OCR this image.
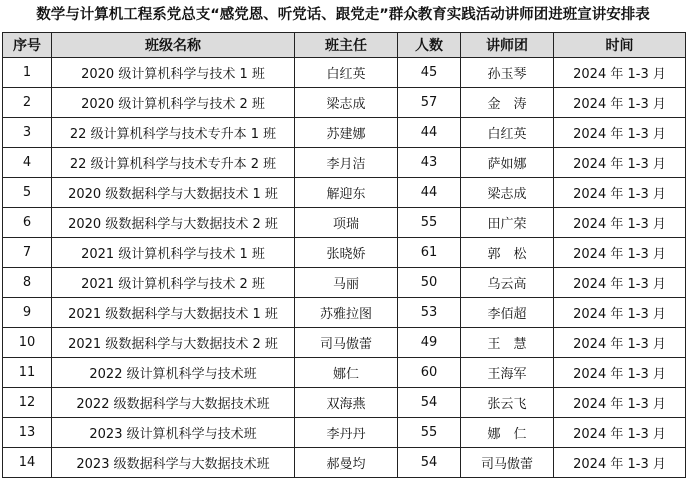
数学与计算机工程系党总支“感党恩、听党话、跟党走”群众教育实践活动讲师团进班宣讲安排表
序号	班级名称	班主任	人数	讲师团	时间
1	2020 级计算机科学与技术 1 班	白红英	45	孙玉琴	2024 年 1-3 月
2	2020 级计算机科学与技术 2 班	梁志成	57	金　涛	2024 年 1-3 月
3	22 级计算机科学与技术专升本 1 班	苏建娜	44	白红英	2024 年 1-3 月
4	22 级计算机科学与技术专升本 2 班	李月洁	43	萨如娜	2024 年 1-3 月
5	2020 级数据科学与大数据技术 1 班	解迎东	44	梁志成	2024 年 1-3 月
6	2020 级数据科学与大数据技术 2 班	项瑞	55	田广荣	2024 年 1-3 月
7	2021 级计算机科学与技术 1 班	张晓娇	61	郭　松	2024 年 1-3 月
8	2021 级计算机科学与技术 2 班	马丽	50	乌云高	2024 年 1-3 月
9	2021 级数据科学与大数据技术 1 班	苏雅拉图	53	李佰超	2024 年 1-3 月
10	2021 级数据科学与大数据技术 2 班	司马傲蕾	49	王　慧	2024 年 1-3 月
11	2022 级计算机科学与技术班	娜仁	60	王海军	2024 年 1-3 月
12	2022 级数据科学与大数据技术班	双海燕	54	张云飞	2024 年 1-3 月
13	2023 级计算机科学与技术班	李丹丹	55	娜　仁	2024 年 1-3 月
14	2023 级数据科学与大数据技术班	郝曼均	54	司马傲蕾	2024 年 1-3 月
